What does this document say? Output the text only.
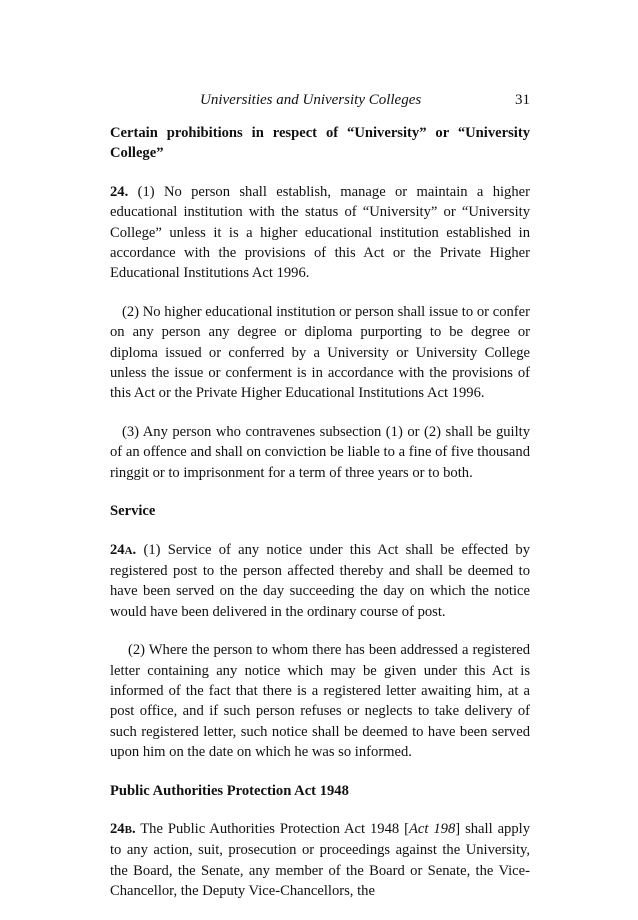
Universities and University Colleges	31
Certain prohibitions in respect of “University” or “University College”
24. (1) No person shall establish, manage or maintain a higher educational institution with the status of “University” or “University College” unless it is a higher educational institution established in accordance with the provisions of this Act or the Private Higher Educational Institutions Act 1996.
(2) No higher educational institution or person shall issue to or confer on any person any degree or diploma purporting to be degree or diploma issued or conferred by a University or University College unless the issue or conferment is in accordance with the provisions of this Act or the Private Higher Educational Institutions Act 1996.
(3) Any person who contravenes subsection (1) or (2) shall be guilty of an offence and shall on conviction be liable to a fine of five thousand ringgit or to imprisonment for a term of three years or to both.
Service
24A. (1) Service of any notice under this Act shall be effected by registered post to the person affected thereby and shall be deemed to have been served on the day succeeding the day on which the notice would have been delivered in the ordinary course of post.
(2) Where the person to whom there has been addressed a registered letter containing any notice which may be given under this Act is informed of the fact that there is a registered letter awaiting him, at a post office, and if such person refuses or neglects to take delivery of such registered letter, such notice shall be deemed to have been served upon him on the date on which he was so informed.
Public Authorities Protection Act 1948
24B. The Public Authorities Protection Act 1948 [Act 198] shall apply to any action, suit, prosecution or proceedings against the University, the Board, the Senate, any member of the Board or Senate, the Vice-Chancellor, the Deputy Vice-Chancellors, the
